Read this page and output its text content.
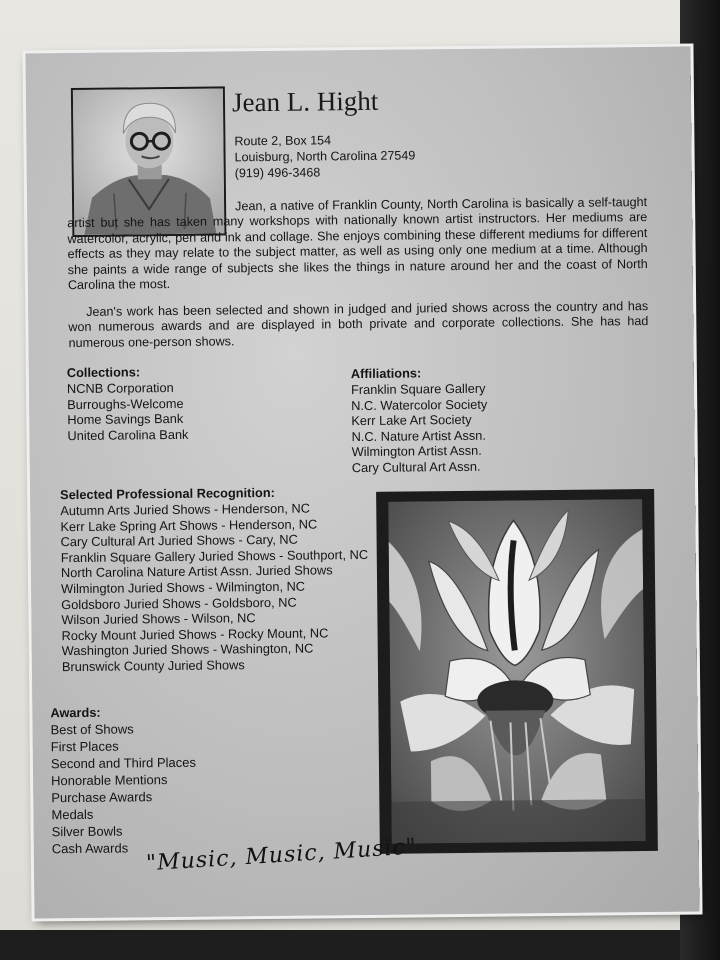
Jean L. Hight
Route 2, Box 154
Louisburg, North Carolina 27549
(919) 496-3468

Jean, a native of Franklin County, North Carolina is basically a self-taught artist but she has taken many workshops with nationally known artist instructors. Her mediums are watercolor, acrylic, pen and ink and collage. She enjoys combining these different mediums for different effects as they may relate to the subject matter, as well as using only one medium at a time. Although she paints a wide range of subjects she likes the things in nature around her and the coast of North Carolina the most.

Jean's work has been selected and shown in judged and juried shows across the country and has won numerous awards and are displayed in both private and corporate collections. She has had numerous one-person shows.

Collections:
NCNB Corporation
Burroughs-Welcome
Home Savings Bank
United Carolina Bank
Affiliations:
Franklin Square Gallery
N.C. Watercolor Society
Kerr Lake Art Society
N.C. Nature Artist Assn.
Wilmington Artist Assn.
Cary Cultural Art Assn.
Selected Professional Recognition:
Autumn Arts Juried Shows - Henderson, NC
Kerr Lake Spring Art Shows - Henderson, NC
Cary Cultural Art Juried Shows - Cary, NC
Franklin Square Gallery Juried Shows - Southport, NC
North Carolina Nature Artist Assn. Juried Shows
Wilmington Juried Shows - Wilmington, NC
Goldsboro Juried Shows - Goldsboro, NC
Wilson Juried Shows - Wilson, NC
Rocky Mount Juried Shows - Rocky Mount, NC
Washington Juried Shows - Washington, NC
Brunswick County Juried Shows
Awards:
Best of Shows
First Places
Second and Third Places
Honorable Mentions
Purchase Awards
Medals
Silver Bowls
Cash Awards "Music, Music, Music"
